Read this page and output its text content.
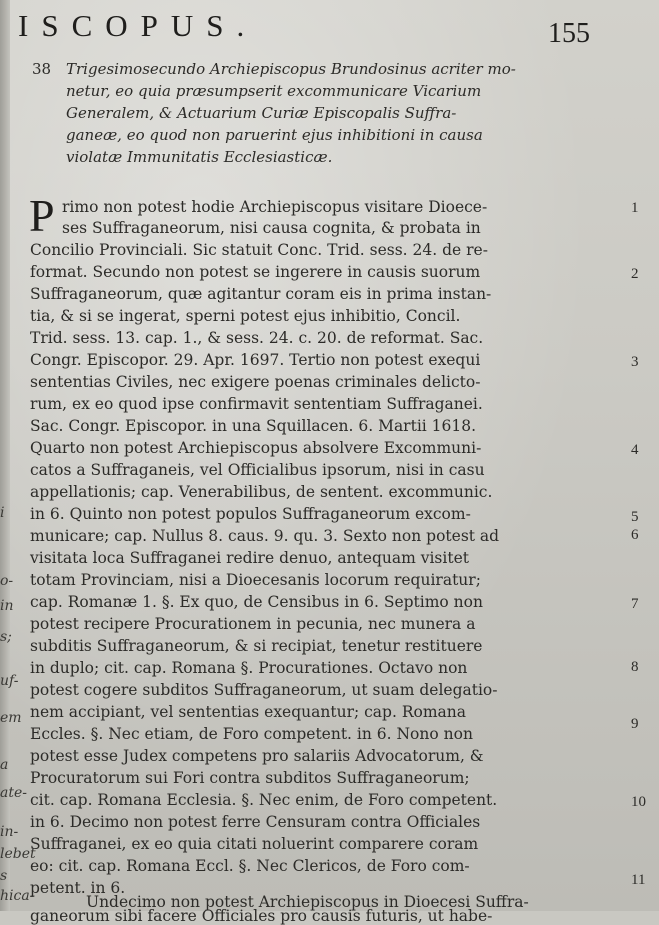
ISCOPUS.	155
38 Trigesimosecundo Archiepiscopus Brundosinus acriter mo-
netur, eo quia præsumpserit excommunicare Vicarium
Generalem, & Actuarium Curiæ Episcopalis Suffra-
ganeæ, eo quod non paruerint ejus inhibitioni in causa
violatæ Immunitatis Ecclesiasticæ.
P rimo non potest hodie Archiepiscopus visitare Dioece-
ses Suffraganeorum, nisi causa cognita, & probata in
Concilio Provinciali. Sic statuit Conc. Trid. sess. 24. de re-
format. Secundo non potest se ingerere in causis suorum
Suffraganeorum, quæ agitantur coram eis in prima instan-
tia, & si se ingerat, sperni potest ejus inhibitio, Concil.
Trid. sess. 13. cap. 1., & sess. 24. c. 20. de reformat. Sac.
Congr. Episcopor. 29. Apr. 1697. Tertio non potest exequi
sententias Civiles, nec exigere poenas criminales delicto-
rum, ex eo quod ipse confirmavit sententiam Suffraganei.
Sac. Congr. Episcopor. in una Squillacen. 6. Martii 1618.
Quarto non potest Archiepiscopus absolvere Excommuni-
catos a Suffraganeis, vel Officialibus ipsorum, nisi in casu
appellationis; cap. Venerabilibus, de sentent. excommunic.
in 6. Quinto non potest populos Suffraganeorum excom-
municare; cap. Nullus 8. caus. 9. qu. 3. Sexto non potest ad
visitata loca Suffraganei redire denuo, antequam visitet
totam Provinciam, nisi a Dioecesanis locorum requiratur;
cap. Romanæ 1. §. Ex quo, de Censibus in 6. Septimo non
potest recipere Procurationem in pecunia, nec munera a
subditis Suffraganeorum, & si recipiat, tenetur restituere
in duplo; cit. cap. Romana §. Procurationes. Octavo non
potest cogere subditos Suffraganeorum, ut suam delegatio-
nem accipiant, vel sententias exequantur; cap. Romana
Eccles. §. Nec etiam, de Foro competent. in 6. Nono non
potest esse Judex competens pro salariis Advocatorum, &
Procuratorum sui Fori contra subditos Suffraganeorum;
cit. cap. Romana Ecclesia. §. Nec enim, de Foro competent.
in 6. Decimo non potest ferre Censuram contra Officiales
Suffraganei, ex eo quia citati noluerint comparere coram
eo: cit. cap. Romana Eccl. §. Nec Clericos, de Foro com-
petent. in 6.
Undecimo non potest Archiepiscopus in Dioecesi Suffra-
ganeorum sibi facere Officiales pro causis futuris, ut habe-
1
2
3
4
5
6
7
8
9
10
11
i
o-
in
s;
uf-
em
a
ate-
in-
lebet
s
hica-
